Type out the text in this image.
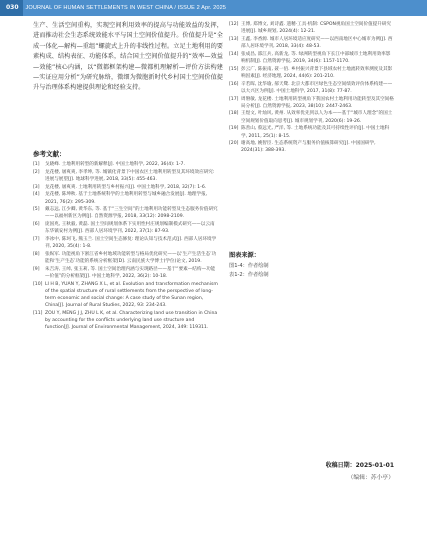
030	JOURNAL OF HUMAN SETTLEMENTS IN WEST CHINA / ISSUE 2 Apr. 2025
生产、生活空间重构，实现空间利用效率的提高与功能效益的发挥，进而推动社会生态系统效能水平与国土空间价值提升。价值提升是“全成一体化—解构—重组”螺旋式上升的非线性过程。立足土地利用的要素构成、结构表征、功能体系，结合国土空间价值提升的“效率—效益—效能”核心内涵，以“微都框架构建—微都机理解析—评价方法构建—实证应用分析”为研究脉络，微细为微胞新时代乡村国土空间价值提升与治理体系构建提供理论和经验支持。
参考文献：
[1]	戈晓峰. 土地利用转型的新解释[J]. 中国土地科学, 2022, 36(4): 1-7.
[2]	龙花楼, 屠爽爽, 李孝坤, 等. 城镇化背景下中国农区土地利用转型及其环境效应研究: 进展与展望[J]. 地球科学进展, 2018, 33(5): 455-463.
[3]	龙花楼, 屠爽爽. 土地利用转型与乡村振兴[J]. 中国土地科学, 2018, 32(7): 1-6.
[4]	龙花楼, 陈坤秋. 基于土地系统科学的土地利用转型与城乡融合发展[J]. 地理学报, 2021, 76(2): 295-309.
[5]	戴志远, 江少卿, 黄华东, 等. 基于“三生空间”的土地利用功能转型及生态服务价值研究——以福州新区为例[J]. 自然资源学报, 2018, 33(12): 2098-2109.
[6]	庞国兆, 王秋毅, 黄磊. 国土空间规划体系下实用性村庄规划编制模式研究——以云南东华镇安村为例[J]. 西部人居环境学刊, 2022, 37(1): 87-93.
[7]	李冰中, 陈珂飞, 熊玉兰. 国土空间生态修复: 理论认知与技术范式[J]. 西部人居环境学刊, 2020, 35(4): 1-8.
[8]	张纵军. 功能视角下浙江省乡村地域功能转型与格局优化研究——以‘生产生活生态’功能和‘生产生态’功能的系统分析框架[D]. 云南民族大学博士(学位)论文, 2019.
[9]	朱吉涛, 王绰, 张玉莉, 等. 国土空间治理内涵与实现路径——基于“要素—结构—功能—价值”的分析框架[J]. 中国土地科学, 2022, 36(2): 10-18.
[10] LI H B, YUAN Y, ZHANG X L, et al. Evolution and transformation mechanism of the spatial structure of rural settlements from the perspective of long-term economic and social change: A case study of the Sunan region, China[J]. Journal of Rural Studies, 2022, 93: 234-243.
[11] ZOU Y, MENG J J, ZHU L K, et al. Characterizing land use transition in China by accounting for the conflicts underlying land use structure and function[J]. Journal of Environmental Management, 2024, 349: 119311.
[12] 王博, 郑博文, 刘诗鑫. 遗精·工具·机制: CSPON视角国土空间价值提升研究进展[J]. 城乡规划, 2024(4): 12-21.
[13] 王鑫, 李香源. 城市人居环境适应度研究——以西南地区中心城市为例[J]. 西部人居环境学刊, 2018, 33(4): 48-53.
[14] 张成昌, 邵江兵, 高新龙, 等. 绿洲转型视角下长江中部城市土地利用效率影响机制[J]. 自然资源学报, 2019, 34(6): 1157-1170.
[15] 彭云广, 陈振南, 聂一佰. 乡村振兴背景下县域农村土地流转效率测度及其影响因素[J]. 经济地理, 2024, 44(6): 201-210.
[16] 辛若晖, 沈华瑜, 郝天鹭. 北京大都市区绿色生态空间绩效评价体系构建——以大兴区为例[J]. 中国土地科学, 2017, 31(8): 77-87.
[17] 周磐敏, 龙花楼. 土地利用转型视角下我国农村土地利用功能转型及其空间格局分析[J]. 自然资源学报, 2023, 38(10): 2447-2463.
[18] 王煜文, 叶灿风, 黄州. 从效率优先到以人为本——基于“城市人理念”的国土空间规划价值取向思考[J]. 城市规划学刊, 2020(6): 19-26.
[19] 陈善山, 蔡远光, 严洋, 等. 土地系统功能及其可持续性评价[J]. 中国土地科学, 2011, 25(1): 8-15.
[20] 谢高地, 姚智臣. 生态系统资产与服务价值核算研究[J]. 中国国研学, 2024(31): 388-393.
图表来源：
图1-4：作者绘制
表1-2：作者绘制
收稿日期：2025-01-01
（编辑：苏小亭）
